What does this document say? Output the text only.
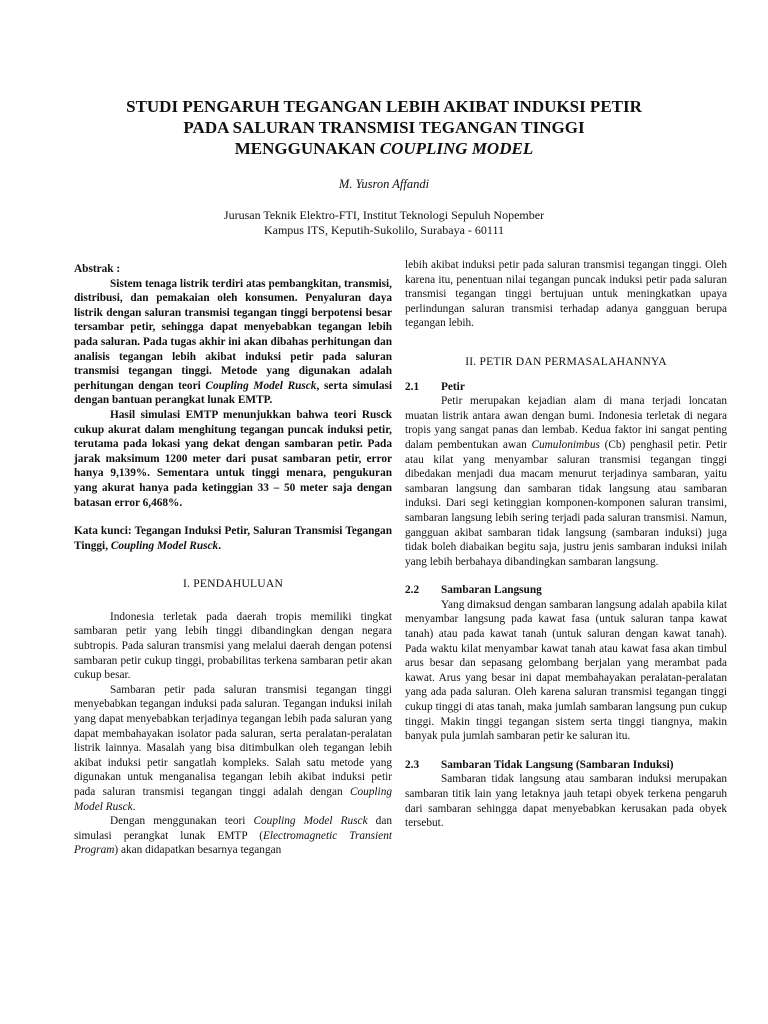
STUDI PENGARUH TEGANGAN LEBIH AKIBAT INDUKSI PETIR
PADA SALURAN TRANSMISI TEGANGAN TINGGI
MENGGUNAKAN COUPLING MODEL
M. Yusron Affandi
Jurusan Teknik Elektro-FTI, Institut Teknologi Sepuluh Nopember
Kampus ITS, Keputih-Sukolilo, Surabaya - 60111

Abstrak :

Sistem tenaga listrik terdiri atas pembangkitan, transmisi, distribusi, dan pemakaian oleh konsumen. Penyaluran daya listrik dengan saluran transmisi tegangan tinggi berpotensi besar tersambar petir, sehingga dapat menyebabkan tegangan lebih pada saluran. Pada tugas akhir ini akan dibahas perhitungan dan analisis tegangan lebih akibat induksi petir pada saluran transmisi tegangan tinggi. Metode yang digunakan adalah perhitungan dengan teori Coupling Model Rusck, serta simulasi dengan bantuan perangkat lunak EMTP.

Hasil simulasi EMTP menunjukkan bahwa teori Rusck cukup akurat dalam menghitung tegangan puncak induksi petir, terutama pada lokasi yang dekat dengan sambaran petir. Pada jarak maksimum 1200 meter dari pusat sambaran petir, error hanya 9,139%. Sementara untuk tinggi menara, pengukuran yang akurat hanya pada ketinggian 33 – 50 meter saja dengan batasan error 6,468%.

Kata kunci: Tegangan Induksi Petir, Saluran Transmisi Tegangan Tinggi, Coupling Model Rusck.

I. PENDAHULUAN

Indonesia terletak pada daerah tropis memiliki tingkat sambaran petir yang lebih tinggi dibandingkan dengan negara subtropis. Pada saluran transmisi yang melalui daerah dengan potensi sambaran petir cukup tinggi, probabilitas terkena sambaran petir akan cukup besar.

Sambaran petir pada saluran transmisi tegangan tinggi menyebabkan tegangan induksi pada saluran. Tegangan induksi inilah yang dapat menyebabkan terjadinya tegangan lebih pada saluran yang dapat membahayakan isolator pada saluran, serta peralatan-peralatan listrik lainnya. Masalah yang bisa ditimbulkan oleh tegangan lebih akibat induksi petir sangatlah kompleks. Salah satu metode yang digunakan untuk menganalisa tegangan lebih akibat induksi petir pada saluran transmisi tegangan tinggi adalah dengan Coupling Model Rusck.

Dengan menggunakan teori Coupling Model Rusck dan simulasi perangkat lunak EMTP (Electromagnetic Transient Program) akan didapatkan besarnya tegangan

lebih akibat induksi petir pada saluran transmisi tegangan tinggi. Oleh karena itu, penentuan nilai tegangan puncak induksi petir pada saluran transmisi tegangan tinggi bertujuan untuk meningkatkan upaya perlindungan saluran transmisi terhadap adanya gangguan berupa tegangan lebih.

II. PETIR DAN PERMASALAHANNYA

2.1 Petir

Petir merupakan kejadian alam di mana terjadi loncatan muatan listrik antara awan dengan bumi. Indonesia terletak di negara tropis yang sangat panas dan lembab. Kedua faktor ini sangat penting dalam pembentukan awan Cumulonimbus (Cb) penghasil petir. Petir atau kilat yang menyambar saluran transmisi tegangan tinggi dibedakan menjadi dua macam menurut terjadinya sambaran, yaitu sambaran langsung dan sambaran tidak langsung atau sambaran induksi. Dari segi ketinggian komponen-komponen saluran transimi, sambaran langsung lebih sering terjadi pada saluran transmisi. Namun, gangguan akibat sambaran tidak langsung (sambaran induksi) juga tidak boleh diabaikan begitu saja, justru jenis sambaran induksi inilah yang lebih berbahaya dibandingkan sambaran langsung.

2.2 Sambaran Langsung

Yang dimaksud dengan sambaran langsung adalah apabila kilat menyambar langsung pada kawat fasa (untuk saluran tanpa kawat tanah) atau pada kawat tanah (untuk saluran dengan kawat tanah). Pada waktu kilat menyambar kawat tanah atau kawat fasa akan timbul arus besar dan sepasang gelombang berjalan yang merambat pada kawat. Arus yang besar ini dapat membahayakan peralatan-peralatan yang ada pada saluran. Oleh karena saluran transmisi tegangan tinggi cukup tinggi di atas tanah, maka jumlah sambaran langsung pun cukup tinggi. Makin tinggi tegangan sistem serta tinggi tiangnya, makin banyak pula jumlah sambaran petir ke saluran itu.

2.3 Sambaran Tidak Langsung (Sambaran Induksi)

Sambaran tidak langsung atau sambaran induksi merupakan sambaran titik lain yang letaknya jauh tetapi obyek terkena pengaruh dari sambaran sehingga dapat menyebabkan kerusakan pada obyek tersebut.
